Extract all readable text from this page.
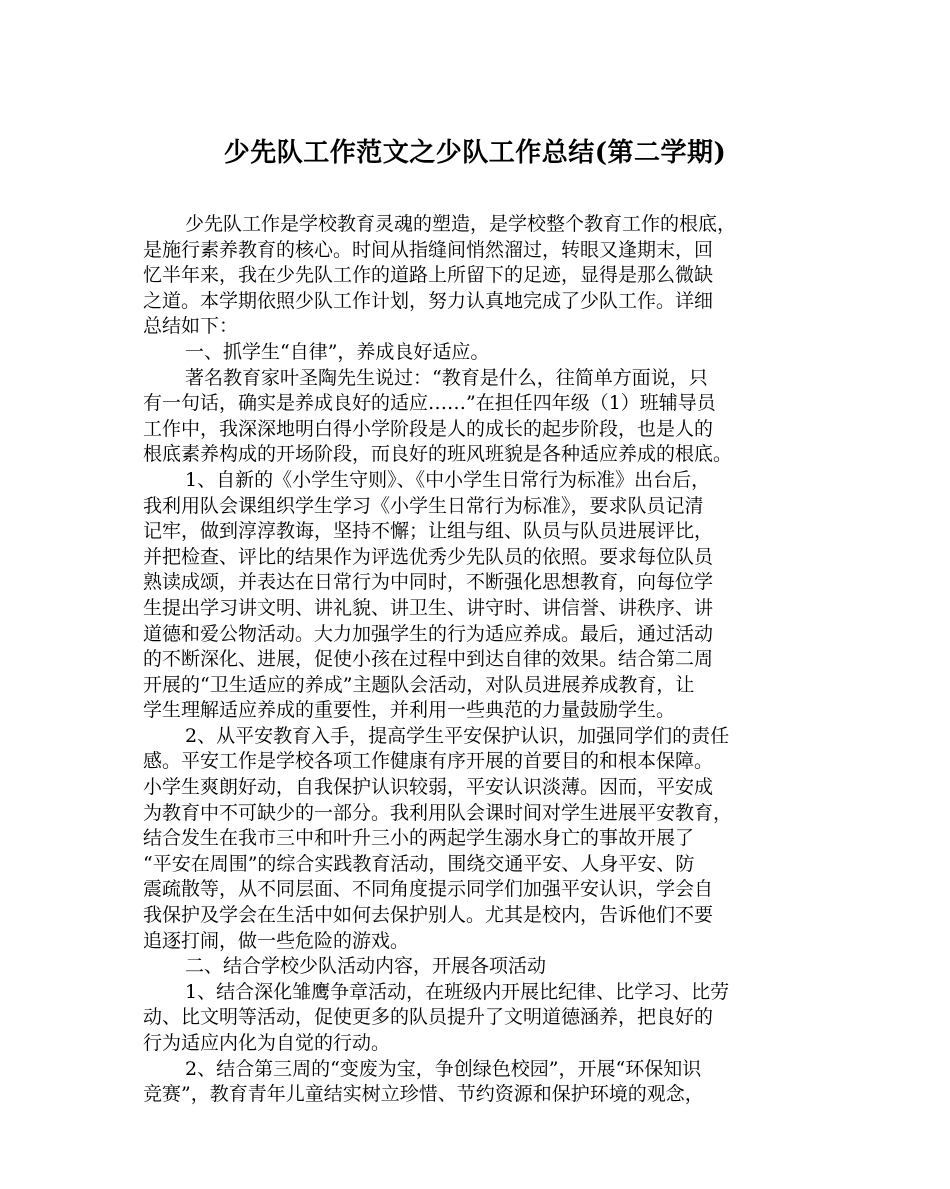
少先队工作范文之少队工作总结(第二学期)
少先队工作是学校教育灵魂的塑造，是学校整个教育工作的根底，
是施行素养教育的核心。时间从指缝间悄然溜过，转眼又逢期末，回
忆半年来，我在少先队工作的道路上所留下的足迹，显得是那么微缺
之道。本学期依照少队工作计划，努力认真地完成了少队工作。详细
总结如下：
一、抓学生“自律”，养成良好适应。
著名教育家叶圣陶先生说过：“教育是什么，往简单方面说，只
有一句话，确实是养成良好的适应……”在担任四年级（1）班辅导员
工作中，我深深地明白得小学阶段是人的成长的起步阶段，也是人的
根底素养构成的开场阶段，而良好的班风班貌是各种适应养成的根底。
1、自新的《小学生守则》、《中小学生日常行为标准》出台后，
我利用队会课组织学生学习《小学生日常行为标准》，要求队员记清
记牢，做到淳淳教诲，坚持不懈；让组与组、队员与队员进展评比，
并把检查、评比的结果作为评选优秀少先队员的依照。要求每位队员
熟读成颂，并表达在日常行为中同时，不断强化思想教育，向每位学
生提出学习讲文明、讲礼貌、讲卫生、讲守时、讲信誉、讲秩序、讲
道德和爱公物活动。大力加强学生的行为适应养成。最后，通过活动
的不断深化、进展，促使小孩在过程中到达自律的效果。结合第二周
开展的“卫生适应的养成”主题队会活动，对队员进展养成教育，让
学生理解适应养成的重要性，并利用一些典范的力量鼓励学生。
2、从平安教育入手，提高学生平安保护认识，加强同学们的责任
感。平安工作是学校各项工作健康有序开展的首要目的和根本保障。
小学生爽朗好动，自我保护认识较弱，平安认识淡薄。因而，平安成
为教育中不可缺少的一部分。我利用队会课时间对学生进展平安教育，
结合发生在我市三中和叶升三小的两起学生溺水身亡的事故开展了
“平安在周围”的综合实践教育活动，围绕交通平安、人身平安、防
震疏散等，从不同层面、不同角度提示同学们加强平安认识，学会自
我保护及学会在生活中如何去保护别人。尤其是校内，告诉他们不要
追逐打闹，做一些危险的游戏。
二、结合学校少队活动内容，开展各项活动
1、结合深化雏鹰争章活动，在班级内开展比纪律、比学习、比劳
动、比文明等活动，促使更多的队员提升了文明道德涵养，把良好的
行为适应内化为自觉的行动。
2、结合第三周的“变废为宝，争创绿色校园”，开展“环保知识
竞赛”，教育青年儿童结实树立珍惜、节约资源和保护环境的观念，
